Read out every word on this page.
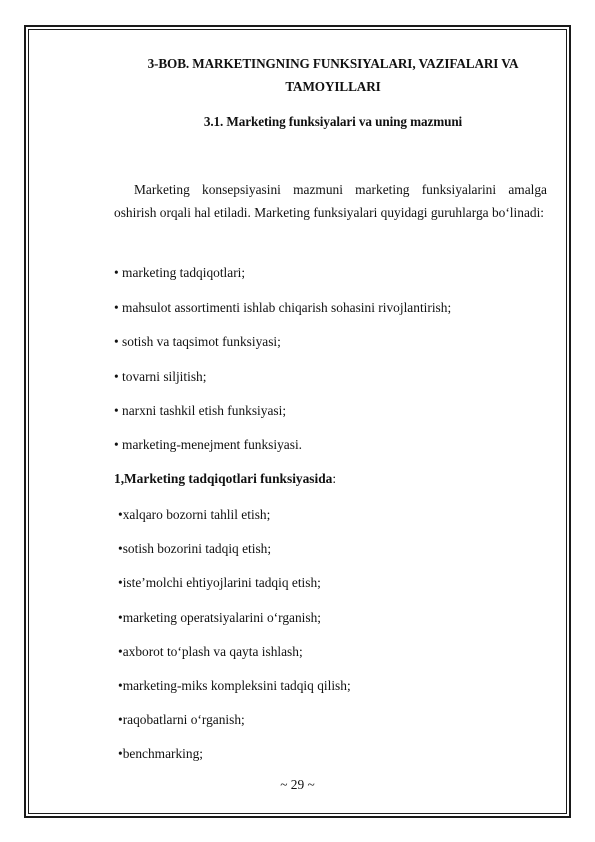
3-BOB. MARKETINGNING FUNKSIYALARI, VAZIFALARI VA TAMOYILLARI
3.1. Marketing funksiyalari va uning mazmuni
Marketing konsepsiyasini mazmuni marketing funksiyalarini amalga oshirish orqali hal etiladi. Marketing funksiyalari quyidagi guruhlarga bo‘linadi:
• marketing tadqiqotlari;
• mahsulot assortimenti ishlab chiqarish sohasini rivojlantirish;
• sotish va taqsimot funksiyasi;
• tovarni siljitish;
• narxni tashkil etish funksiyasi;
• marketing-menejment funksiyasi.
1,Marketing tadqiqotlari funksiyasida:
•xalqaro bozorni tahlil etish;
•sotish bozorini tadqiq etish;
•iste’molchi ehtiyojlarini tadqiq etish;
•marketing operatsiyalarini o‘rganish;
•axborot to‘plash va qayta ishlash;
•marketing-miks kompleksini tadqiq qilish;
•raqobatlarni o‘rganish;
•benchmarking;
~ 29 ~
